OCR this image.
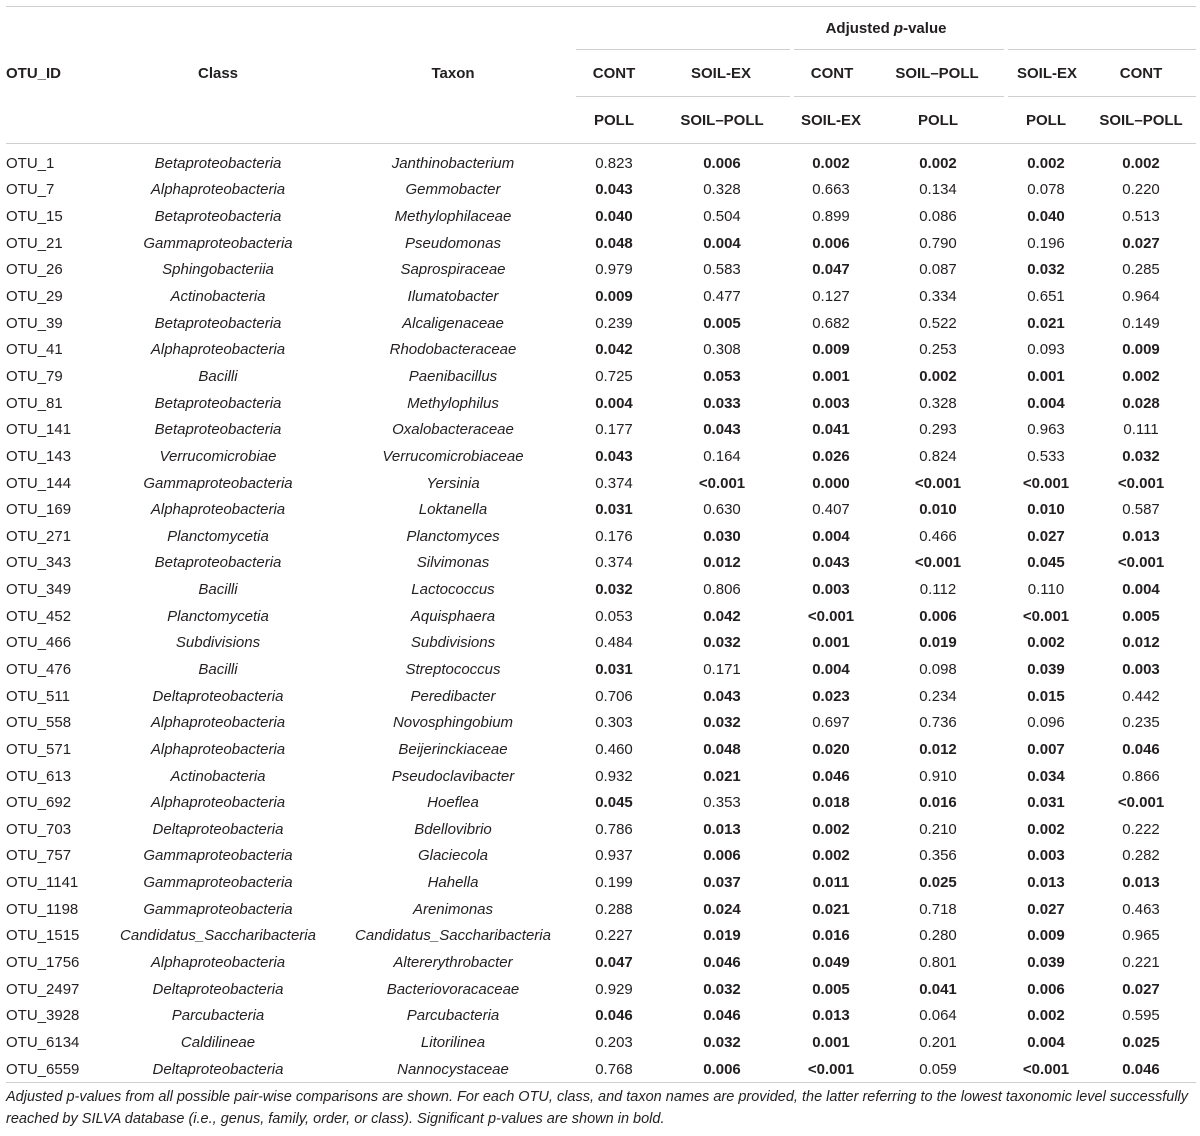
			Adjusted p-value					
OTU_ID	Class	Taxon	CONT	SOIL-EX	CONT	SOIL–POLL	SOIL-EX	CONT
			POLL	SOIL–POLL	SOIL-EX	POLL	POLL	SOIL–POLL
OTU_1	Betaproteobacteria	Janthinobacterium	0.823	0.006	0.002	0.002	0.002	0.002
OTU_7	Alphaproteobacteria	Gemmobacter	0.043	0.328	0.663	0.134	0.078	0.220
OTU_15	Betaproteobacteria	Methylophilaceae	0.040	0.504	0.899	0.086	0.040	0.513
OTU_21	Gammaproteobacteria	Pseudomonas	0.048	0.004	0.006	0.790	0.196	0.027
OTU_26	Sphingobacteriia	Saprospiraceae	0.979	0.583	0.047	0.087	0.032	0.285
OTU_29	Actinobacteria	Ilumatobacter	0.009	0.477	0.127	0.334	0.651	0.964
OTU_39	Betaproteobacteria	Alcaligenaceae	0.239	0.005	0.682	0.522	0.021	0.149
OTU_41	Alphaproteobacteria	Rhodobacteraceae	0.042	0.308	0.009	0.253	0.093	0.009
OTU_79	Bacilli	Paenibacillus	0.725	0.053	0.001	0.002	0.001	0.002
OTU_81	Betaproteobacteria	Methylophilus	0.004	0.033	0.003	0.328	0.004	0.028
OTU_141	Betaproteobacteria	Oxalobacteraceae	0.177	0.043	0.041	0.293	0.963	0.111
OTU_143	Verrucomicrobiae	Verrucomicrobiaceae	0.043	0.164	0.026	0.824	0.533	0.032
OTU_144	Gammaproteobacteria	Yersinia	0.374	<0.001	0.000	<0.001	<0.001	<0.001
OTU_169	Alphaproteobacteria	Loktanella	0.031	0.630	0.407	0.010	0.010	0.587
OTU_271	Planctomycetia	Planctomyces	0.176	0.030	0.004	0.466	0.027	0.013
OTU_343	Betaproteobacteria	Silvimonas	0.374	0.012	0.043	<0.001	0.045	<0.001
OTU_349	Bacilli	Lactococcus	0.032	0.806	0.003	0.112	0.110	0.004
OTU_452	Planctomycetia	Aquisphaera	0.053	0.042	<0.001	0.006	<0.001	0.005
OTU_466	Subdivisions	Subdivisions	0.484	0.032	0.001	0.019	0.002	0.012
OTU_476	Bacilli	Streptococcus	0.031	0.171	0.004	0.098	0.039	0.003
OTU_511	Deltaproteobacteria	Peredibacter	0.706	0.043	0.023	0.234	0.015	0.442
OTU_558	Alphaproteobacteria	Novosphingobium	0.303	0.032	0.697	0.736	0.096	0.235
OTU_571	Alphaproteobacteria	Beijerinckiaceae	0.460	0.048	0.020	0.012	0.007	0.046
OTU_613	Actinobacteria	Pseudoclavibacter	0.932	0.021	0.046	0.910	0.034	0.866
OTU_692	Alphaproteobacteria	Hoeflea	0.045	0.353	0.018	0.016	0.031	<0.001
OTU_703	Deltaproteobacteria	Bdellovibrio	0.786	0.013	0.002	0.210	0.002	0.222
OTU_757	Gammaproteobacteria	Glaciecola	0.937	0.006	0.002	0.356	0.003	0.282
OTU_1141	Gammaproteobacteria	Hahella	0.199	0.037	0.011	0.025	0.013	0.013
OTU_1198	Gammaproteobacteria	Arenimonas	0.288	0.024	0.021	0.718	0.027	0.463
OTU_1515	Candidatus_Saccharibacteria	Candidatus_Saccharibacteria	0.227	0.019	0.016	0.280	0.009	0.965
OTU_1756	Alphaproteobacteria	Altererythrobacter	0.047	0.046	0.049	0.801	0.039	0.221
OTU_2497	Deltaproteobacteria	Bacteriovoracaceae	0.929	0.032	0.005	0.041	0.006	0.027
OTU_3928	Parcubacteria	Parcubacteria	0.046	0.046	0.013	0.064	0.002	0.595
OTU_6134	Caldilineae	Litorilinea	0.203	0.032	0.001	0.201	0.004	0.025
OTU_6559	Deltaproteobacteria	Nannocystaceae	0.768	0.006	<0.001	0.059	<0.001	0.046
Adjusted p-values from all possible pair-wise comparisons are shown. For each OTU, class, and taxon names are provided, the latter referring to the lowest taxonomic level successfully reached by SILVA database (i.e., genus, family, order, or class). Significant p-values are shown in bold.
